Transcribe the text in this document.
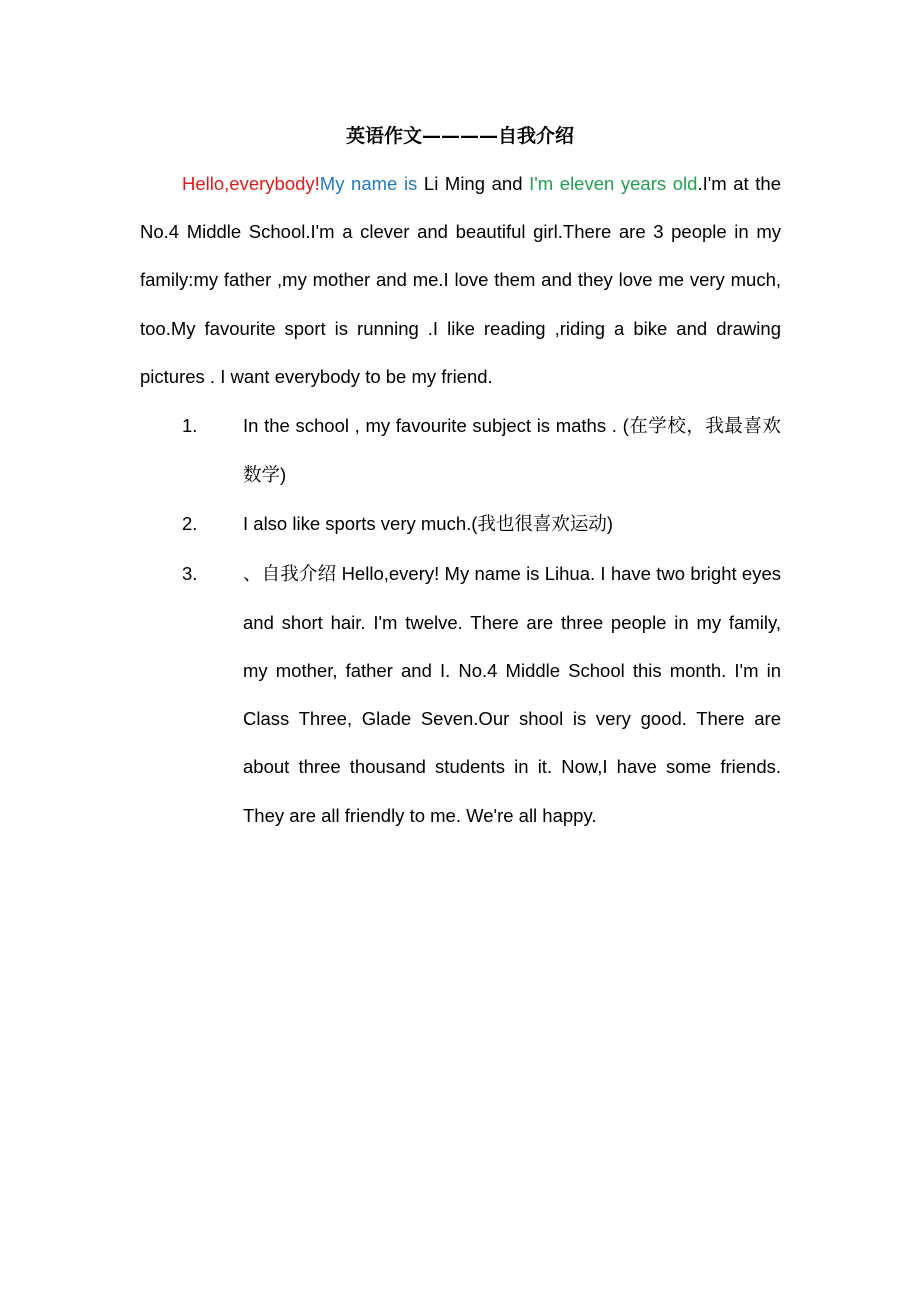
英语作文————自我介绍

Hello,everybody!My name is Li Ming and I'm eleven years old.I'm at the No.4 Middle School.I'm a clever and beautiful girl.There are 3 people in my family:my father ,my mother and me.I love them and they love me very much, too.My favourite sport is running .I like reading ,riding a bike and drawing pictures . I want everybody to be my friend.

1. In the school , my favourite subject is maths . (在学校，我最喜欢数学)
2. I also like sports very much.(我也很喜欢运动)
3. 、自我介绍 Hello,every! My name is Lihua. I have two bright eyes and short hair. I'm twelve. There are three people in my family, my mother, father and I. No.4 Middle School this month. I'm in Class Three, Glade Seven.Our shool is very good. There are about three thousand students in it. Now,I have some friends. They are all friendly to me. We're all happy.
